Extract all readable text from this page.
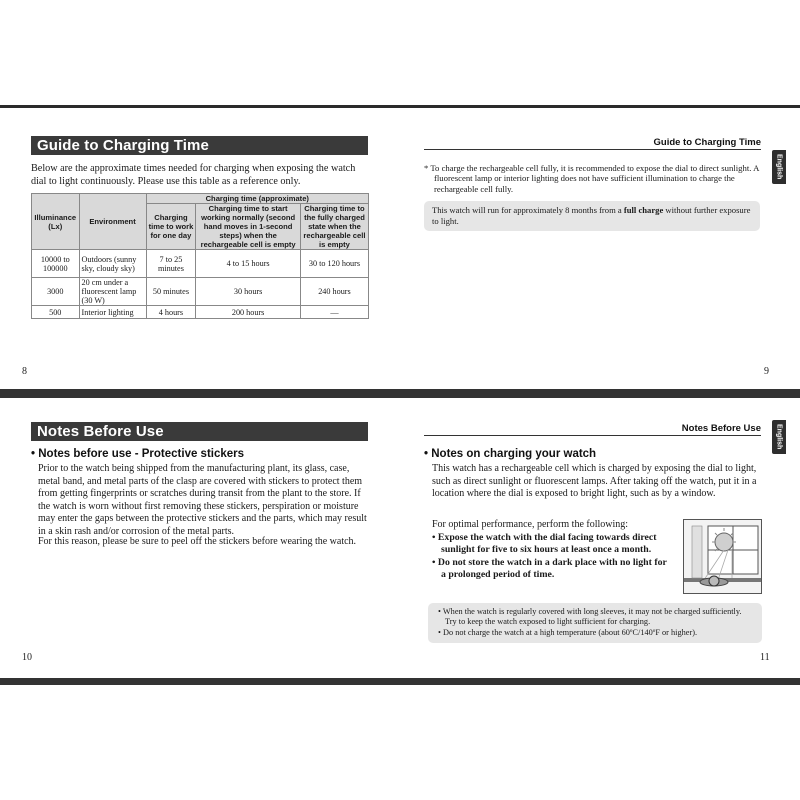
Guide to Charging Time
Below are the approximate times needed for charging when exposing the watch dial to light continuously. Please use this table as a reference only.
Illuminance (Lx)	Environment	Charging time (approximate)		
		Charging time to work for one day	Charging time to start working normally (second hand moves in 1-second steps) when the rechargeable cell is empty	Charging time to the fully charged state when the rechargeable cell is empty
10000 to 100000	Outdoors (sunny sky, cloudy sky)	7 to 25 minutes	4 to 15 hours	30 to 120 hours
3000	20 cm under a fluorescent lamp (30 W)	50 minutes	30 hours	240 hours
500	Interior lighting	4 hours	200 hours	—
8
Guide to Charging Time
English
* To charge the rechargeable cell fully, it is recommended to expose the dial to direct sunlight. A fluorescent lamp or interior lighting does not have sufficient illumination to charge the rechargeable cell fully.
This watch will run for approximately 8 months from a full charge without further exposure to light.
9
Notes Before Use
• Notes before use - Protective stickers
Prior to the watch being shipped from the manufacturing plant, its glass, case, metal band, and metal parts of the clasp are covered with stickers to protect them from getting fingerprints or scratches during transit from the plant to the store. If the watch is worn without first removing these stickers, perspiration or moisture may enter the gaps between the protective stickers and the parts, which may result in a skin rash and/or corrosion of the metal parts.
For this reason, please be sure to peel off the stickers before wearing the watch.
10
Notes Before Use	English
• Notes on charging your watch
This watch has a rechargeable cell which is charged by exposing the dial to light, such as direct sunlight or fluorescent lamps. After taking off the watch, put it in a location where the dial is exposed to bright light, such as by a window.
For optimal performance, perform the following:
• Expose the watch with the dial facing towards direct sunlight for five to six hours at least once a month.
• Do not store the watch in a dark place with no light for a prolonged period of time.
• When the watch is regularly covered with long sleeves, it may not be charged sufficiently. Try to keep the watch exposed to light sufficient for charging.
• Do not charge the watch at a high temperature (about 60ºC/140ºF or higher).
11
